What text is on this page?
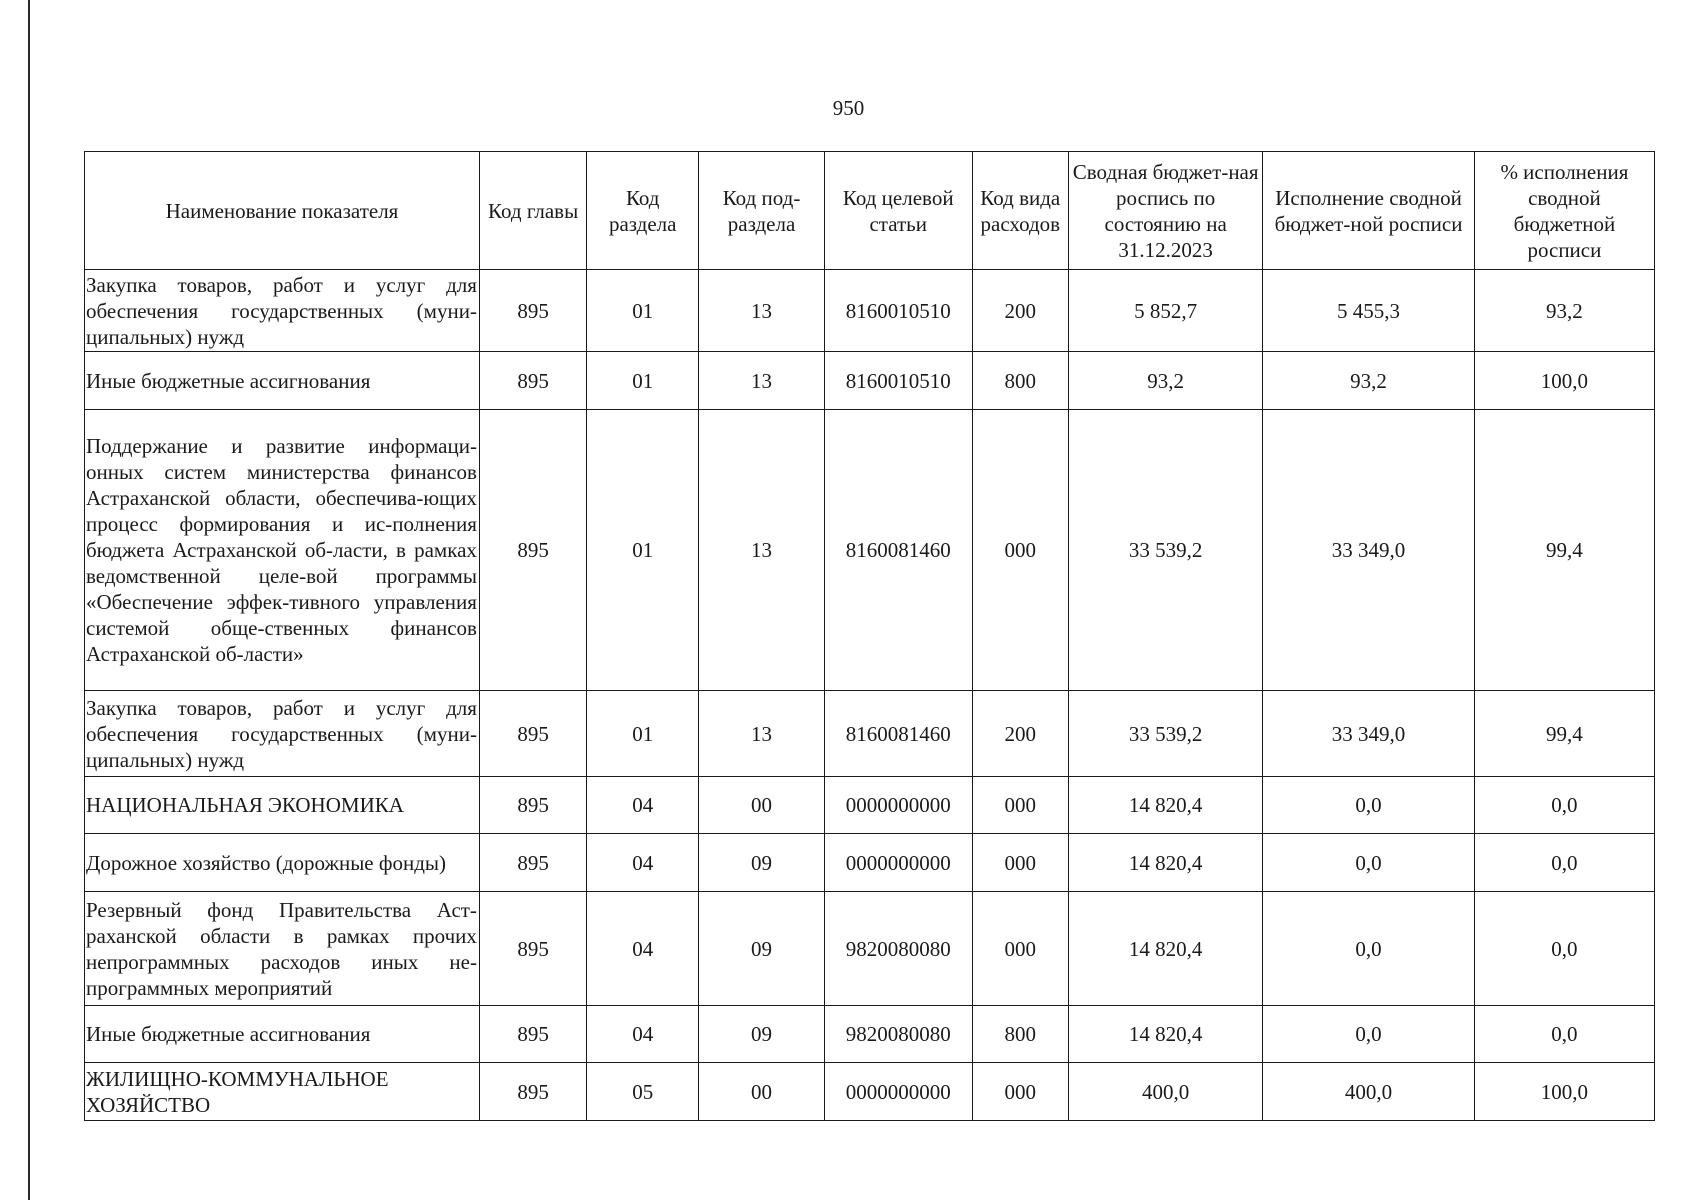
950
Наименование показателя	Код главы	Код раздела	Код под-раздела	Код целевой статьи	Код вида расходов	Сводная бюджет-ная роспись по состоянию на 31.12.2023	Исполнение сводной бюджет-ной росписи	% исполнения сводной бюджетной росписи
Закупка товаров, работ и услуг для обеспечения государственных (муни-ципальных) нужд	895	01	13	8160010510	200	5 852,7	5 455,3	93,2
Иные бюджетные ассигнования	895	01	13	8160010510	800	93,2	93,2	100,0
Поддержание и развитие информаци-онных систем министерства финансов Астраханской области, обеспечива-ющих процесс формирования и ис-полнения бюджета Астраханской об-ласти, в рамках ведомственной целе-вой программы «Обеспечение эффек-тивного управления системой обще-ственных финансов Астраханской об-ласти»	895	01	13	8160081460	000	33 539,2	33 349,0	99,4
Закупка товаров, работ и услуг для обеспечения государственных (муни-ципальных) нужд	895	01	13	8160081460	200	33 539,2	33 349,0	99,4
НАЦИОНАЛЬНАЯ ЭКОНОМИКА	895	04	00	0000000000	000	14 820,4	0,0	0,0
Дорожное хозяйство (дорожные фонды)	895	04	09	0000000000	000	14 820,4	0,0	0,0
Резервный фонд Правительства Аст-раханской области в рамках прочих непрограммных расходов иных не-программных мероприятий	895	04	09	9820080080	000	14 820,4	0,0	0,0
Иные бюджетные ассигнования	895	04	09	9820080080	800	14 820,4	0,0	0,0
ЖИЛИЩНО-КОММУНАЛЬНОЕ ХОЗЯЙСТВО	895	05	00	0000000000	000	400,0	400,0	100,0
